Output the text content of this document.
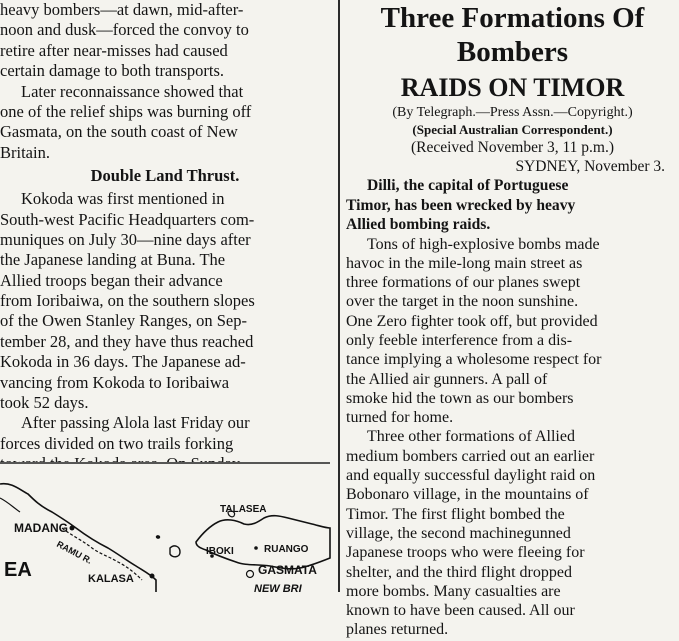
heavy bombers—at dawn, mid-after-
noon and dusk—forced the convoy to
retire after near-misses had caused
certain damage to both transports.
Later reconnaissance showed that
one of the relief ships was burning off
Gasmata, on the south coast of New
Britain.
Double Land Thrust.
Kokoda was first mentioned in
South-west Pacific Headquarters com-
muniques on July 30—nine days after
the Japanese landing at Buna. The
Allied troops began their advance
from Ioribaiwa, on the southern slopes
of the Owen Stanley Ranges, on Sep-
tember 28, and they have thus reached
Kokoda in 36 days. The Japanese ad-
vancing from Kokoda to Ioribaiwa
took 52 days.
After passing Alola last Friday our
forces divided on two trails forking
MADANG
RAMU R.
EA	KALASA
TALASEA
IBOKI	RUANGO
GASMATA
NEW BRI
Three Formations Of
Bombers
RAIDS ON TIMOR
(By Telegraph.—Press Assn.—Copyright.)
(Special Australian Correspondent.)
(Received November 3, 11 p.m.)
SYDNEY, November 3.
Dilli, the capital of Portuguese
Timor, has been wrecked by heavy
Allied bombing raids.
Tons of high-explosive bombs made
havoc in the mile-long main street as
three formations of our planes swept
over the target in the noon sunshine.
One Zero fighter took off, but provided
only feeble interference from a dis-
tance implying a wholesome respect for
the Allied air gunners. A pall of
smoke hid the town as our bombers
turned for home.
Three other formations of Allied
medium bombers carried out an earlier
and equally successful daylight raid on
Bobonaro village, in the mountains of
Timor. The first flight bombed the
village, the second machinegunned
Japanese troops who were fleeing for
shelter, and the third flight dropped
more bombs. Many casualties are
known to have been caused. All our
planes returned.
